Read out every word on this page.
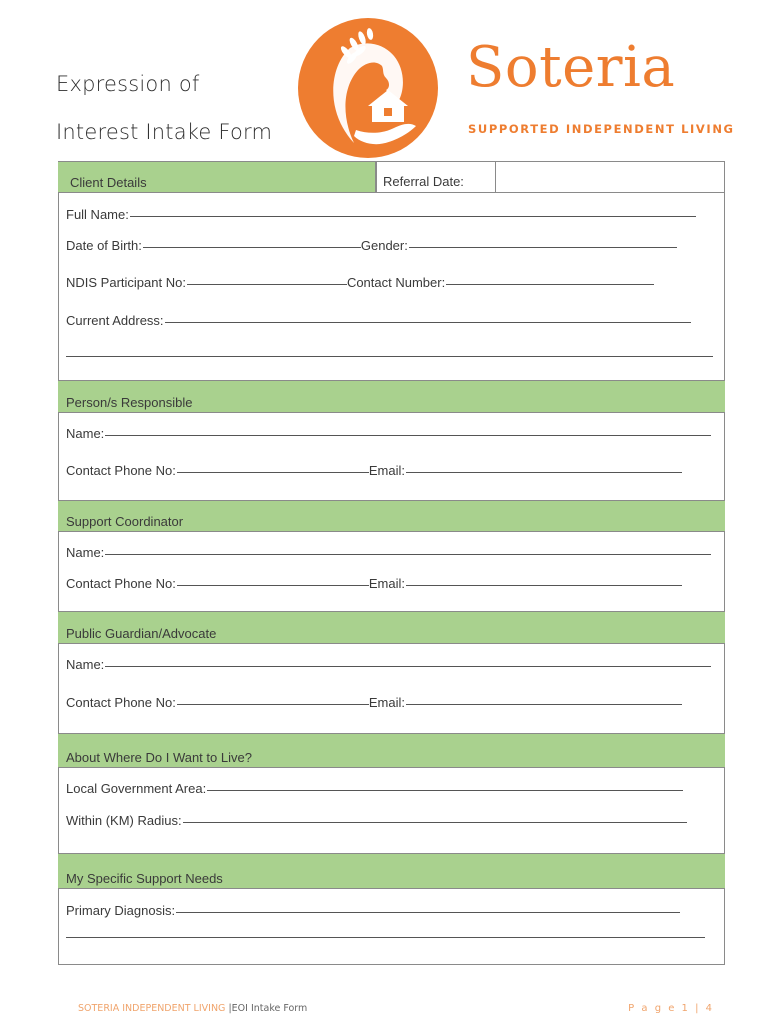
Expression of
Interest Intake Form
Soteria
SUPPORTED INDEPENDENT LIVING
Client Details	Referral Date:
Full Name:
Date of Birth:	Gender:
NDIS Participant No:	Contact Number:
Current Address:
Person/s Responsible
Name:
Contact Phone No:	Email:
Support Coordinator
Name:
Contact Phone No:	Email:
Public Guardian/Advocate
Name:
Contact Phone No:	Email:
About Where Do I Want to Live?
Local Government Area:
Within (KM) Radius:
My Specific Support Needs
Primary Diagnosis:
SOTERIA INDEPENDENT LIVING |EOI Intake Form	P a g e 1 | 4
